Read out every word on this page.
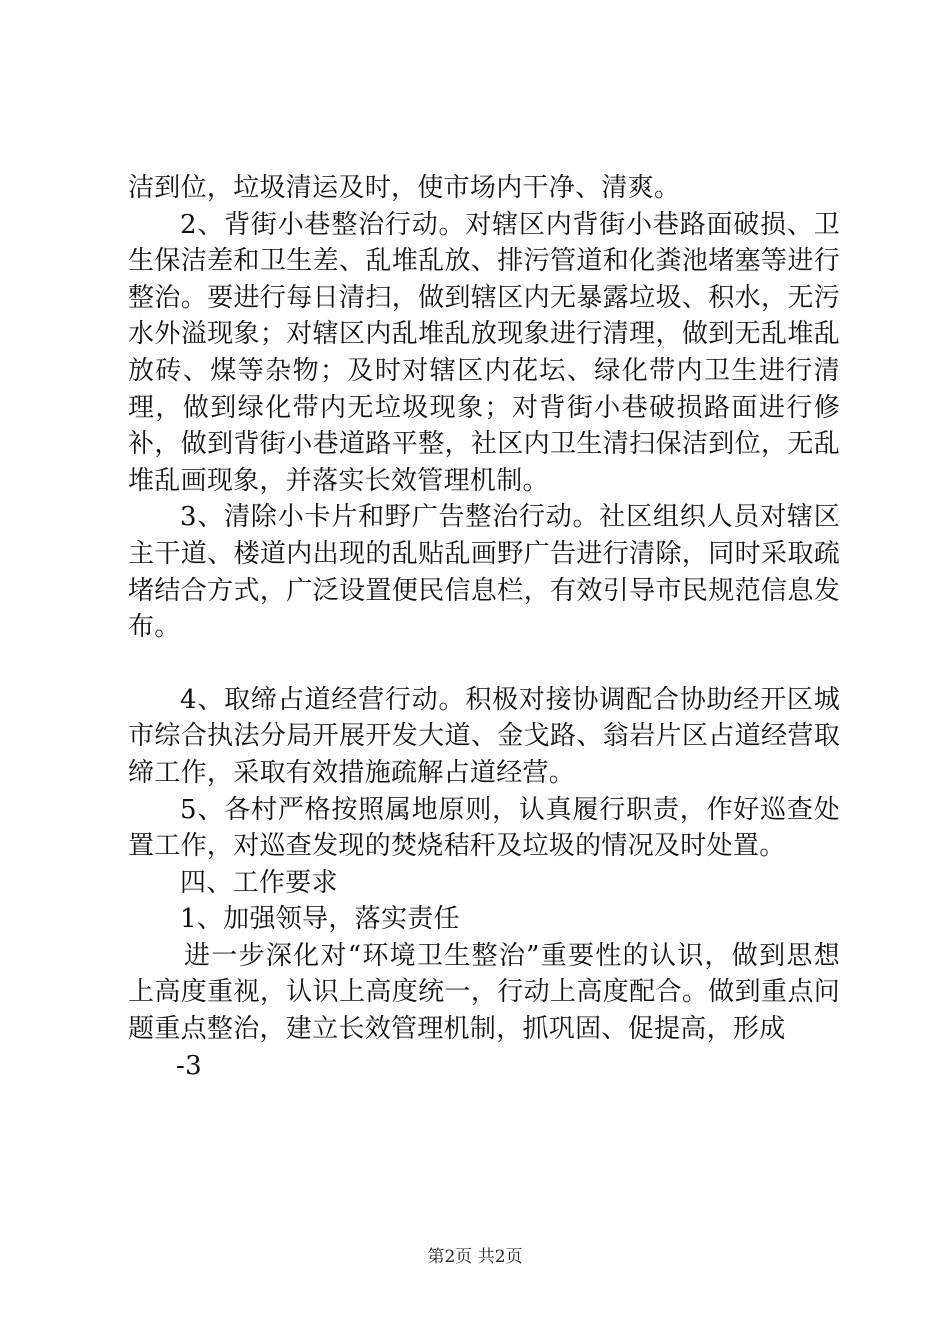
洁到位，垃圾清运及时，使市场内干净、清爽。

2、背街小巷整治行动。对辖区内背街小巷路面破损、卫生保洁差和卫生差、乱堆乱放、排污管道和化粪池堵塞等进行整治。要进行每日清扫，做到辖区内无暴露垃圾、积水，无污水外溢现象；对辖区内乱堆乱放现象进行清理，做到无乱堆乱放砖、煤等杂物；及时对辖区内花坛、绿化带内卫生进行清理，做到绿化带内无垃圾现象；对背街小巷破损路面进行修补，做到背街小巷道路平整，社区内卫生清扫保洁到位，无乱堆乱画现象，并落实长效管理机制。

3、清除小卡片和野广告整治行动。社区组织人员对辖区主干道、楼道内出现的乱贴乱画野广告进行清除，同时采取疏堵结合方式，广泛设置便民信息栏，有效引导市民规范信息发布。

4、取缔占道经营行动。积极对接协调配合协助经开区城市综合执法分局开展开发大道、金戈路、翁岩片区占道经营取缔工作，采取有效措施疏解占道经营。

5、各村严格按照属地原则，认真履行职责，作好巡查处置工作，对巡查发现的焚烧秸秆及垃圾的情况及时处置。

四、工作要求

1、加强领导，落实责任

进一步深化对“环境卫生整治”重要性的认识，做到思想上高度重视，认识上高度统一，行动上高度配合。做到重点问题重点整治，建立长效管理机制，抓巩固、促提高，形成

-3

第2页 共2页
